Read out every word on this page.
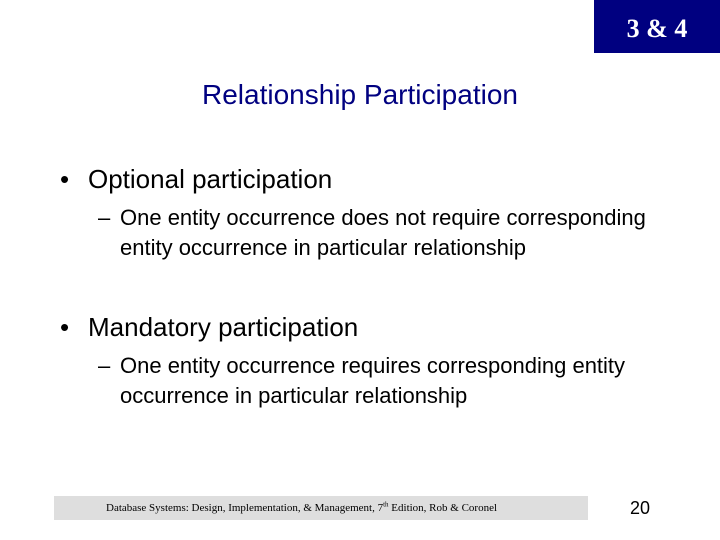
3 & 4
Relationship Participation
• Optional participation
– One entity occurrence does not require corresponding entity occurrence in particular relationship
• Mandatory participation
– One entity occurrence requires corresponding entity occurrence in particular relationship
Database Systems: Design, Implementation, & Management, 7th Edition, Rob & Coronel	20
